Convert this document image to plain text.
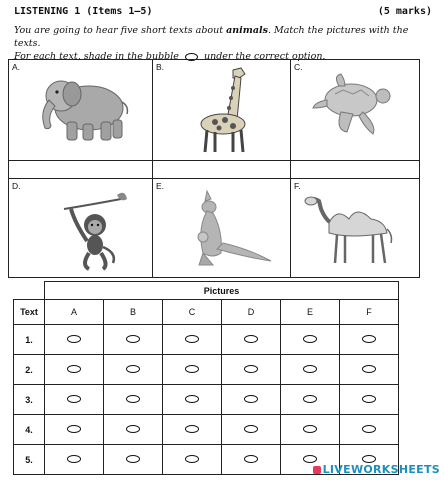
LISTENING 1 (Items 1–5)	(5 marks)
You are going to hear five short texts about animals. Match the pictures with the texts.
For each text, shade in the bubble  under the correct option.
A.	B.	C.

D.	E.	F.
	Pictures					
Text	A	B	C	D	E	F
1.						
2.						
3.						
4.						
5.						
LIVEWORKSHEETS
